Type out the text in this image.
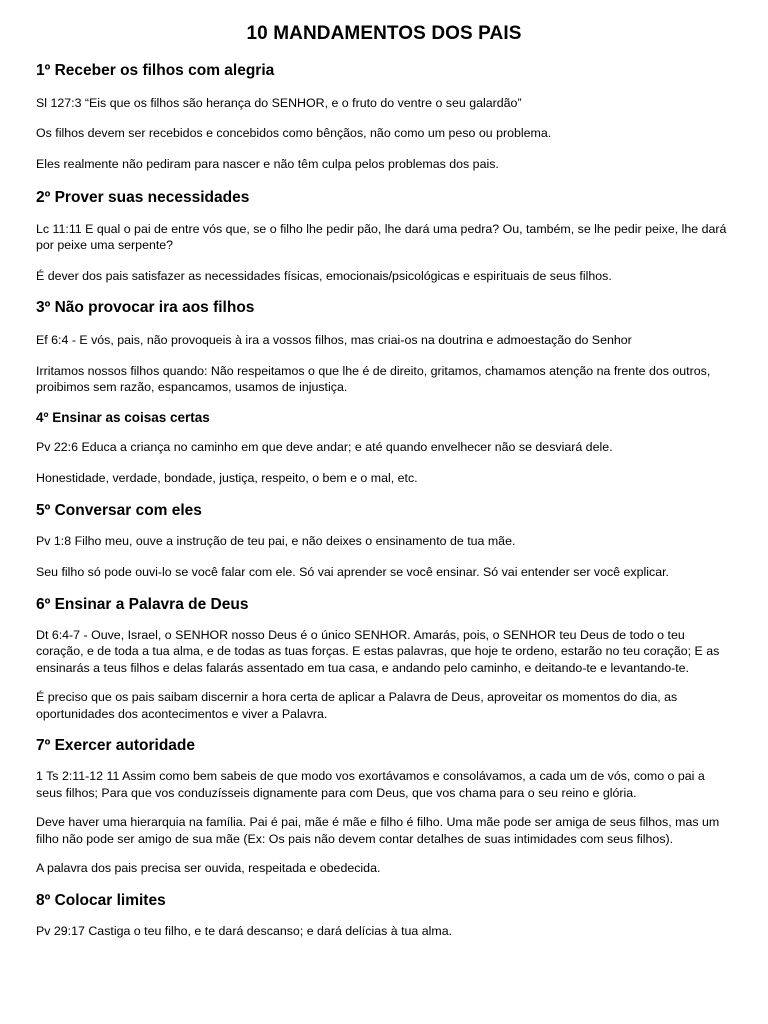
10 MANDAMENTOS DOS PAIS
1º Receber os filhos com alegria

Sl 127:3 “Eis que os filhos são herança do SENHOR, e o fruto do ventre o seu galardão”

Os filhos devem ser recebidos e concebidos como bênçãos, não como um peso ou problema.

Eles realmente não pediram para nascer e não têm culpa pelos problemas dos pais.

2º Prover suas necessidades

Lc 11:11 E qual o pai de entre vós que, se o filho lhe pedir pão, lhe dará uma pedra? Ou, também, se lhe pedir peixe, lhe dará por peixe uma serpente?

É dever dos pais satisfazer as necessidades físicas, emocionais/psicológicas e espirituais de seus filhos.

3º Não provocar ira aos filhos

Ef 6:4 - E vós, pais, não provoqueis à ira a vossos filhos, mas criai-os na doutrina e admoestação do Senhor

Irritamos nossos filhos quando: Não respeitamos o que lhe é de direito, gritamos, chamamos atenção na frente dos outros, proibimos sem razão, espancamos, usamos de injustiça.

4º Ensinar as coisas certas

Pv 22:6 Educa a criança no caminho em que deve andar; e até quando envelhecer não se desviará dele.

Honestidade, verdade, bondade, justiça, respeito, o bem e o mal, etc.

5º Conversar com eles

Pv 1:8 Filho meu, ouve a instrução de teu pai, e não deixes o ensinamento de tua mãe.

Seu filho só pode ouvi-lo se você falar com ele. Só vai aprender se você ensinar. Só vai entender ser você explicar.

6º Ensinar a Palavra de Deus

Dt 6:4-7 - Ouve, Israel, o SENHOR nosso Deus é o único SENHOR. Amarás, pois, o SENHOR teu Deus de todo o teu coração, e de toda a tua alma, e de todas as tuas forças. E estas palavras, que hoje te ordeno, estarão no teu coração; E as ensinarás a teus filhos e delas falarás assentado em tua casa, e andando pelo caminho, e deitando-te e levantando-te.

É preciso que os pais saibam discernir a hora certa de aplicar a Palavra de Deus, aproveitar os momentos do dia, as oportunidades dos acontecimentos e viver a Palavra.

7º Exercer autoridade

1 Ts 2:11-12 11 Assim como bem sabeis de que modo vos exortávamos e consolávamos, a cada um de vós, como o pai a seus filhos; Para que vos conduzísseis dignamente para com Deus, que vos chama para o seu reino e glória.

Deve haver uma hierarquia na família. Pai é pai, mãe é mãe e filho é filho. Uma mãe pode ser amiga de seus filhos, mas um filho não pode ser amigo de sua mãe (Ex: Os pais não devem contar detalhes de suas intimidades com seus filhos).

A palavra dos pais precisa ser ouvida, respeitada e obedecida.

8º Colocar limites

Pv 29:17 Castiga o teu filho, e te dará descanso; e dará delícias à tua alma.
